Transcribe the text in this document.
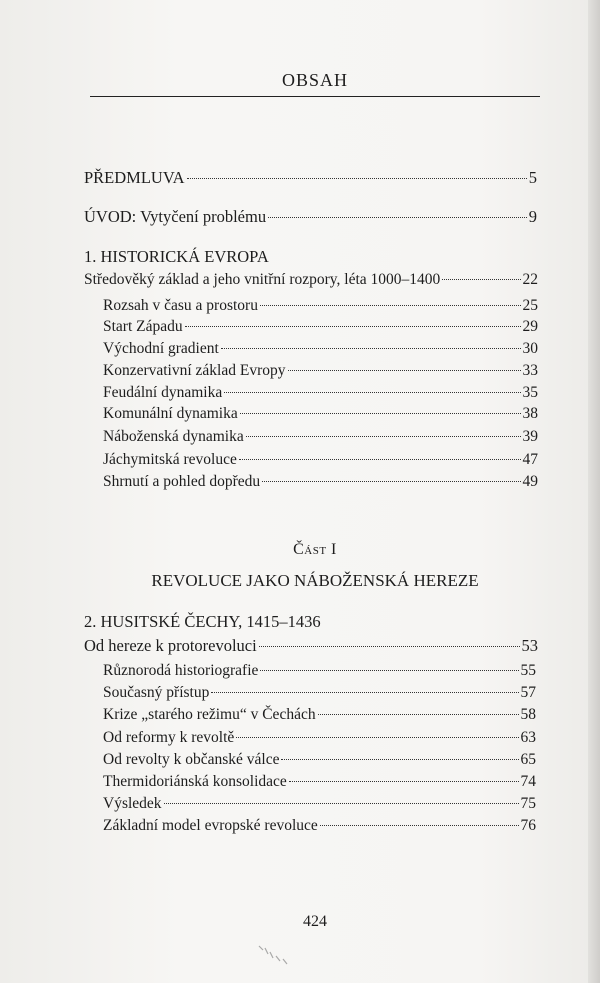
OBSAH
PŘEDMLUVA	5
ÚVOD: Vytyčení problému	9
1. HISTORICKÁ EVROPA
Středověký základ a jeho vnitřní rozpory, léta 1000–1400	22
Rozsah v času a prostoru	25
Start Západu	29
Východní gradient	30
Konzervativní základ Evropy	33
Feudální dynamika	35
Komunální dynamika	38
Náboženská dynamika	39
Jáchymitská revoluce	47
Shrnutí a pohled dopředu	49
Část I
REVOLUCE JAKO NÁBOŽENSKÁ HEREZE
2. HUSITSKÉ ČECHY, 1415–1436
Od hereze k protorevoluci	53
Různorodá historiografie	55
Současný přístup	57
Krize „starého režimu“ v Čechách	58
Od reformy k revoltě	63
Od revolty k občanské válce	65
Thermidoriánská konsolidace	74
Výsledek	75
Základní model evropské revoluce	76
424
